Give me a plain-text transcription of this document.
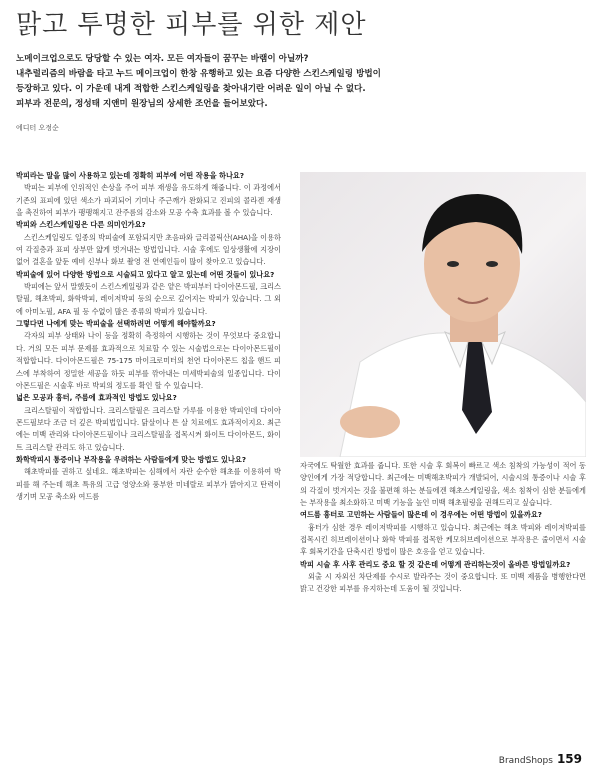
맑고 투명한 피부를 위한 제안

노메이크업으로도 당당할 수 있는 여자. 모든 여자들이 꿈꾸는 바램이 아닐까?

내추럴리즘의 바람을 타고 누드 메이크업이 한창 유행하고 있는 요즘 다양한 스킨스케일링 방법이

등장하고 있다. 이 가운데 내게 적합한 스킨스케일링을 찾아내기란 어려운 일이 아닐 수 없다.

피부과 전문의, 정성태 지앤미 원장님의 상세한 조언을 들어보았다.

에디터 오정순

박피라는 말을 많이 사용하고 있는데 정확히 피부에 어떤 작용을 하나요?

박피는 피부에 인위적인 손상을 주어 피부 재생을 유도하게 해줍니다. 이 과정에서 기존의 표피에 있던 색소가 파괴되어 기미나 주근깨가 완화되고 진피의 콜라겐 재생을 촉진하여 피부가 팽팽해지고 잔주름의 감소와 모공 수축 효과를 볼 수 있습니다.

박피와 스킨스케일링은 다른 의미인가요?

스킨스케일링도 일종의 박피술에 포함되지만 초음파와 글리콜릭산(AHA)을 이용하여 각질층과 표피 상부만 얇게 벗겨내는 방법입니다. 시술 후에도 일상생활에 지장이 없어 결혼을 앞둔 예비 신부나 화보 촬영 전 연예인들이 많이 찾아오고 있습니다.

박피술에 있어 다양한 방법으로 시술되고 있다고 알고 있는데 어떤 것들이 있나요?

박피에는 앞서 말했듯이 스킨스케일링과 같은 얕은 박피부터 다이아몬드필, 크리스탈필, 해초박피, 화학박피, 레이저박피 등의 순으로 깊어지는 박피가 있습니다. 그 외에 아미노필, AFA 필 등 수없이 많은 종류의 박피가 있습니다.

그렇다면 나에게 맞는 박피술을 선택하려면 어떻게 해야할까요?

각자의 피부 상태와 나이 등을 정확히 측정하여 시행하는 것이 무엇보다 중요합니다. 거의 모든 피부 문제를 효과적으로 치료할 수 있는 시술법으로는 다이아몬드필이 적합합니다. 다이아몬드필은 75-175 마이크로미터의 천연 다이아몬드 칩을 핸드 피스에 부착하여 정밀한 세공을 하듯 피부를 깎아내는 미세박피술의 일종입니다. 다이아몬드필은 시술후 바로 박피의 정도를 확인 할 수 있습니다.

넓은 모공과 흉터, 주름에 효과적인 방법도 있나요?

크리스탈필이 적합합니다. 크리스탈필은 크리스탈 가루를 이용한 박피인데 다이아몬드필보다 조금 더 깊은 박피법입니다. 닭살이나 튼 살 치료에도 효과적이지요. 최근에는 미백 관리와 다이아몬드필이나 크리스탈필을 접목시켜 화이트 다이아몬드, 화이트 크리스탈 관리도 하고 있습니다.

화학박피시 통증이나 부작용을 우려하는 사람들에게 맞는 방법도 있나요?

해초박피를 권하고 싶네요. 해초박피는 심해에서 자란 순수한 해초를 이용하여 박피를 해 주는데 해초 특유의 고급 영양소와 풍부한 미네랄로 피부가 맑아지고 탄력이 생기며 모공 축소와 여드름

자국에도 탁월한 효과를 줍니다. 또한 시술 후 회복이 빠르고 색소 침착의 가능성이 적어 동양인에게 가장 적당합니다. 최근에는 미백해초박피가 개발되어, 시술시의 통증이나 시술 후의 각질이 벗겨지는 것을 불편해 하는 분들에겐 해초스케일링을, 색소 침착이 심한 분들에게는 부작용을 최소화하고 미백 기능을 높인 미백 해초필링을 권해드리고 싶습니다.

여드름 흉터로 고민하는 사람들이 많은데 이 경우에는 어떤 방법이 있을까요?

흉터가 심한 경우 레이저박피를 시행하고 있습니다. 최근에는 해초 박피와 레이저박피를 접목시킨 히브레이션이나 화학 박피를 접목한 케모허브레이션으로 부작용은 줄이면서 시술 후 회복기간을 단축시킨 방법이 많은 호응을 얻고 있습니다.

박피 시술 후 사후 관리도 중요 할 것 같은데 어떻게 관리하는것이 올바른 방법일까요?

외출 시 자외선 차단제를 수시로 발라주는 것이 중요합니다. 또 미백 제품을 병행한다면 밝고 건강한 피부를 유지하는데 도움이 될 것입니다.

BrandShops 159
